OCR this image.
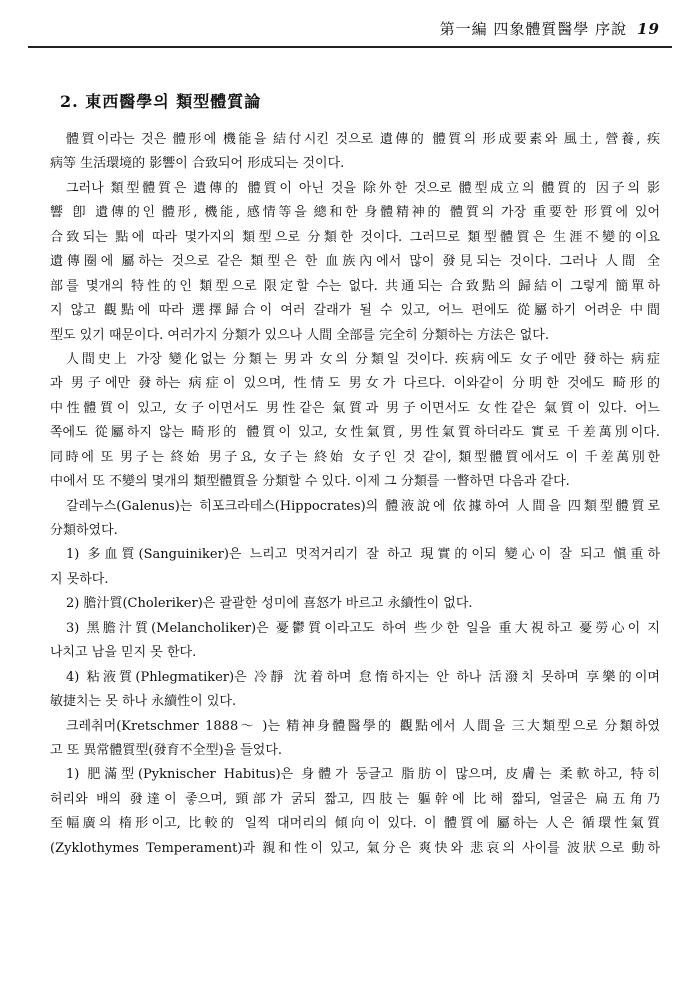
第一編 四象體質醫學 序說 19
2. 東西醫學의 類型體質論
體質이라는 것은 體形에 機能을 結付시킨 것으로 遺傳的 體質의 形成要素와 風土, 營養, 疾
病等 生活環境的 影響이 合致되어 形成되는 것이다.
그러나 類型體質은 遺傳的 體質이 아닌 것을 除外한 것으로 體型成立의 體質的 因子의 影
響 卽 遺傳的인 體形, 機能, 感情等을 總和한 身體精神的 體質의 가장 重要한 形質에 있어
合致되는 點에 따라 몇가지의 類型으로 分類한 것이다. 그러므로 類型體質은 生涯不變的이요
遺傳圈에 屬하는 것으로 같은 類型은 한 血族內에서 많이 發見되는 것이다. 그러나 人間 全
部를 몇개의 特性的인 類型으로 限定할 수는 없다. 共通되는 合致點의 歸結이 그렇게 簡單하
지 않고 觀點에 따라 選擇歸合이 여러 갈래가 될 수 있고, 어느 편에도 從屬하기 어려운 中間
型도 있기 때문이다. 여러가지 分類가 있으나 人間 全部를 完全히 分類하는 方法은 없다.
人間史上 가장 變化없는 分類는 男과 女의 分類일 것이다. 疾病에도 女子에만 發하는 病症
과 男子에만 發하는 病症이 있으며, 性情도 男女가 다르다. 이와같이 分明한 것에도 畸形的
中性體質이 있고, 女子이면서도 男性같은 氣質과 男子이면서도 女性같은 氣質이 있다. 어느
쪽에도 從屬하지 않는 畸形的 體質이 있고, 女性氣質, 男性氣質하더라도 實로 千差萬別이다.
同時에 또 男子는 終始 男子요, 女子는 終始 女子인 것 같이, 類型體質에서도 이 千差萬別한
中에서 또 不變의 몇개의 類型體質을 分類할 수 있다. 이제 그 分類를 一瞥하면 다음과 같다.
갈레누스(Galenus)는 히포크라테스(Hippocrates)의 體液說에 依據하여 人間을 四類型體質로
分類하였다.
1) 多血質(Sanguiniker)은 느리고 멋적거리기 잘 하고 現實的이되 變心이 잘 되고 愼重하
지 못하다.
2) 膽汁質(Choleriker)은 괄괄한 성미에 喜怒가 바르고 永續性이 없다.
3) 黑膽汁質(Melancholiker)은 憂鬱質이라고도 하여 些少한 일을 重大視하고 憂勞心이 지
나치고 남을 믿지 못 한다.
4) 粘液質(Phlegmatiker)은 冷靜 沈着하며 怠惰하지는 안 하나 活潑치 못하며 享樂的이며
敏捷치는 못 하나 永續性이 있다.
크레취머(Kretschmer 1888～ )는 精神身體醫學的 觀點에서 人間을 三大類型으로 分類하였
고 또 異常體質型(發育不全型)을 들었다.
1) 肥滿型(Pyknischer Habitus)은 身體가 둥글고 脂肪이 많으며, 皮膚는 柔軟하고, 特히
허리와 배의 發達이 좋으며, 頸部가 굵되 짧고, 四肢는 軀幹에 比해 짧되, 얼굴은 扁五角乃
至幅廣의 楕形이고, 比較的 일찍 대머리의 傾向이 있다. 이 體質에 屬하는 人은 循環性氣質
(Zyklothymes Temperament)과 親和性이 있고, 氣分은 爽快와 悲哀의 사이를 波狀으로 動하
